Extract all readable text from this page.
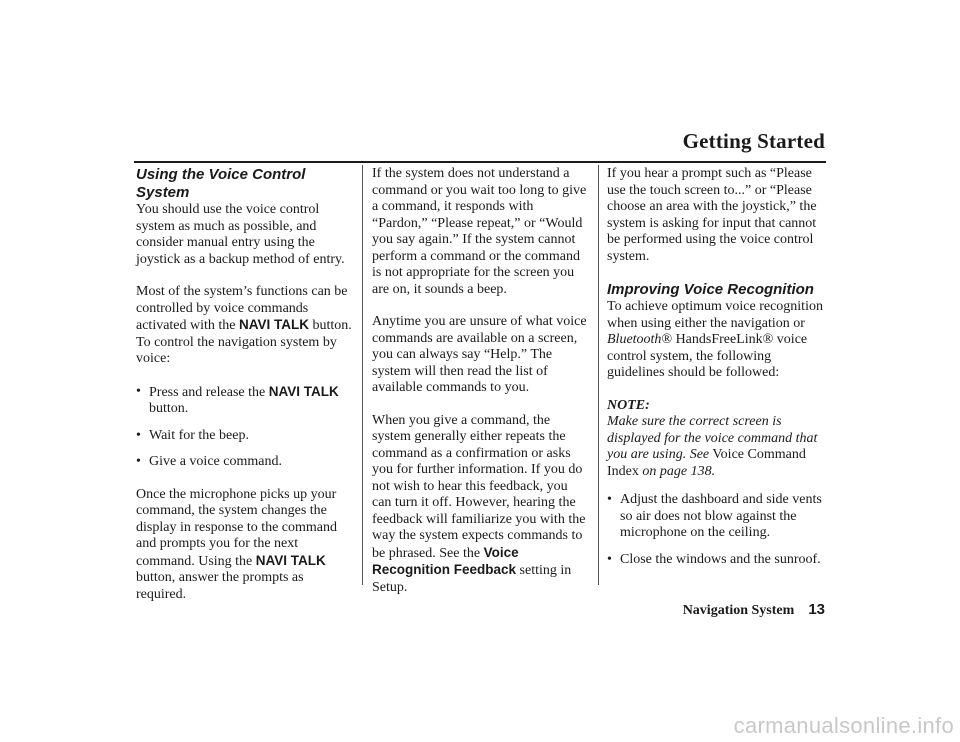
Getting Started
Using the Voice Control System

You should use the voice control system as much as possible, and consider manual entry using the joystick as a backup method of entry.

Most of the system’s functions can be controlled by voice commands activated with the NAVI TALK button. To control the navigation system by voice:

• Press and release the NAVI TALK button.
• Wait for the beep.
• Give a voice command.

Once the microphone picks up your command, the system changes the display in response to the command and prompts you for the next command. Using the NAVI TALK button, answer the prompts as required.

If the system does not understand a command or you wait too long to give a command, it responds with “Pardon,” “Please repeat,” or “Would you say again.” If the system cannot perform a command or the command is not appropriate for the screen you are on, it sounds a beep.

Anytime you are unsure of what voice commands are available on a screen, you can always say “Help.” The system will then read the list of available commands to you.

When you give a command, the system generally either repeats the command as a confirmation or asks you for further information. If you do not wish to hear this feedback, you can turn it off. However, hearing the feedback will familiarize you with the way the system expects commands to be phrased. See the Voice Recognition Feedback setting in Setup.

If you hear a prompt such as “Please use the touch screen to...” or “Please choose an area with the joystick,” the system is asking for input that cannot be performed using the voice control system.

Improving Voice Recognition

To achieve optimum voice recognition when using either the navigation or Bluetooth® HandsFreeLink® voice control system, the following guidelines should be followed:

NOTE:

Make sure the correct screen is displayed for the voice command that you are using. See Voice Command Index on page 138.

• Adjust the dashboard and side vents so air does not blow against the microphone on the ceiling.
• Close the windows and the sunroof.
Navigation System 13
carmanualsonline.info
